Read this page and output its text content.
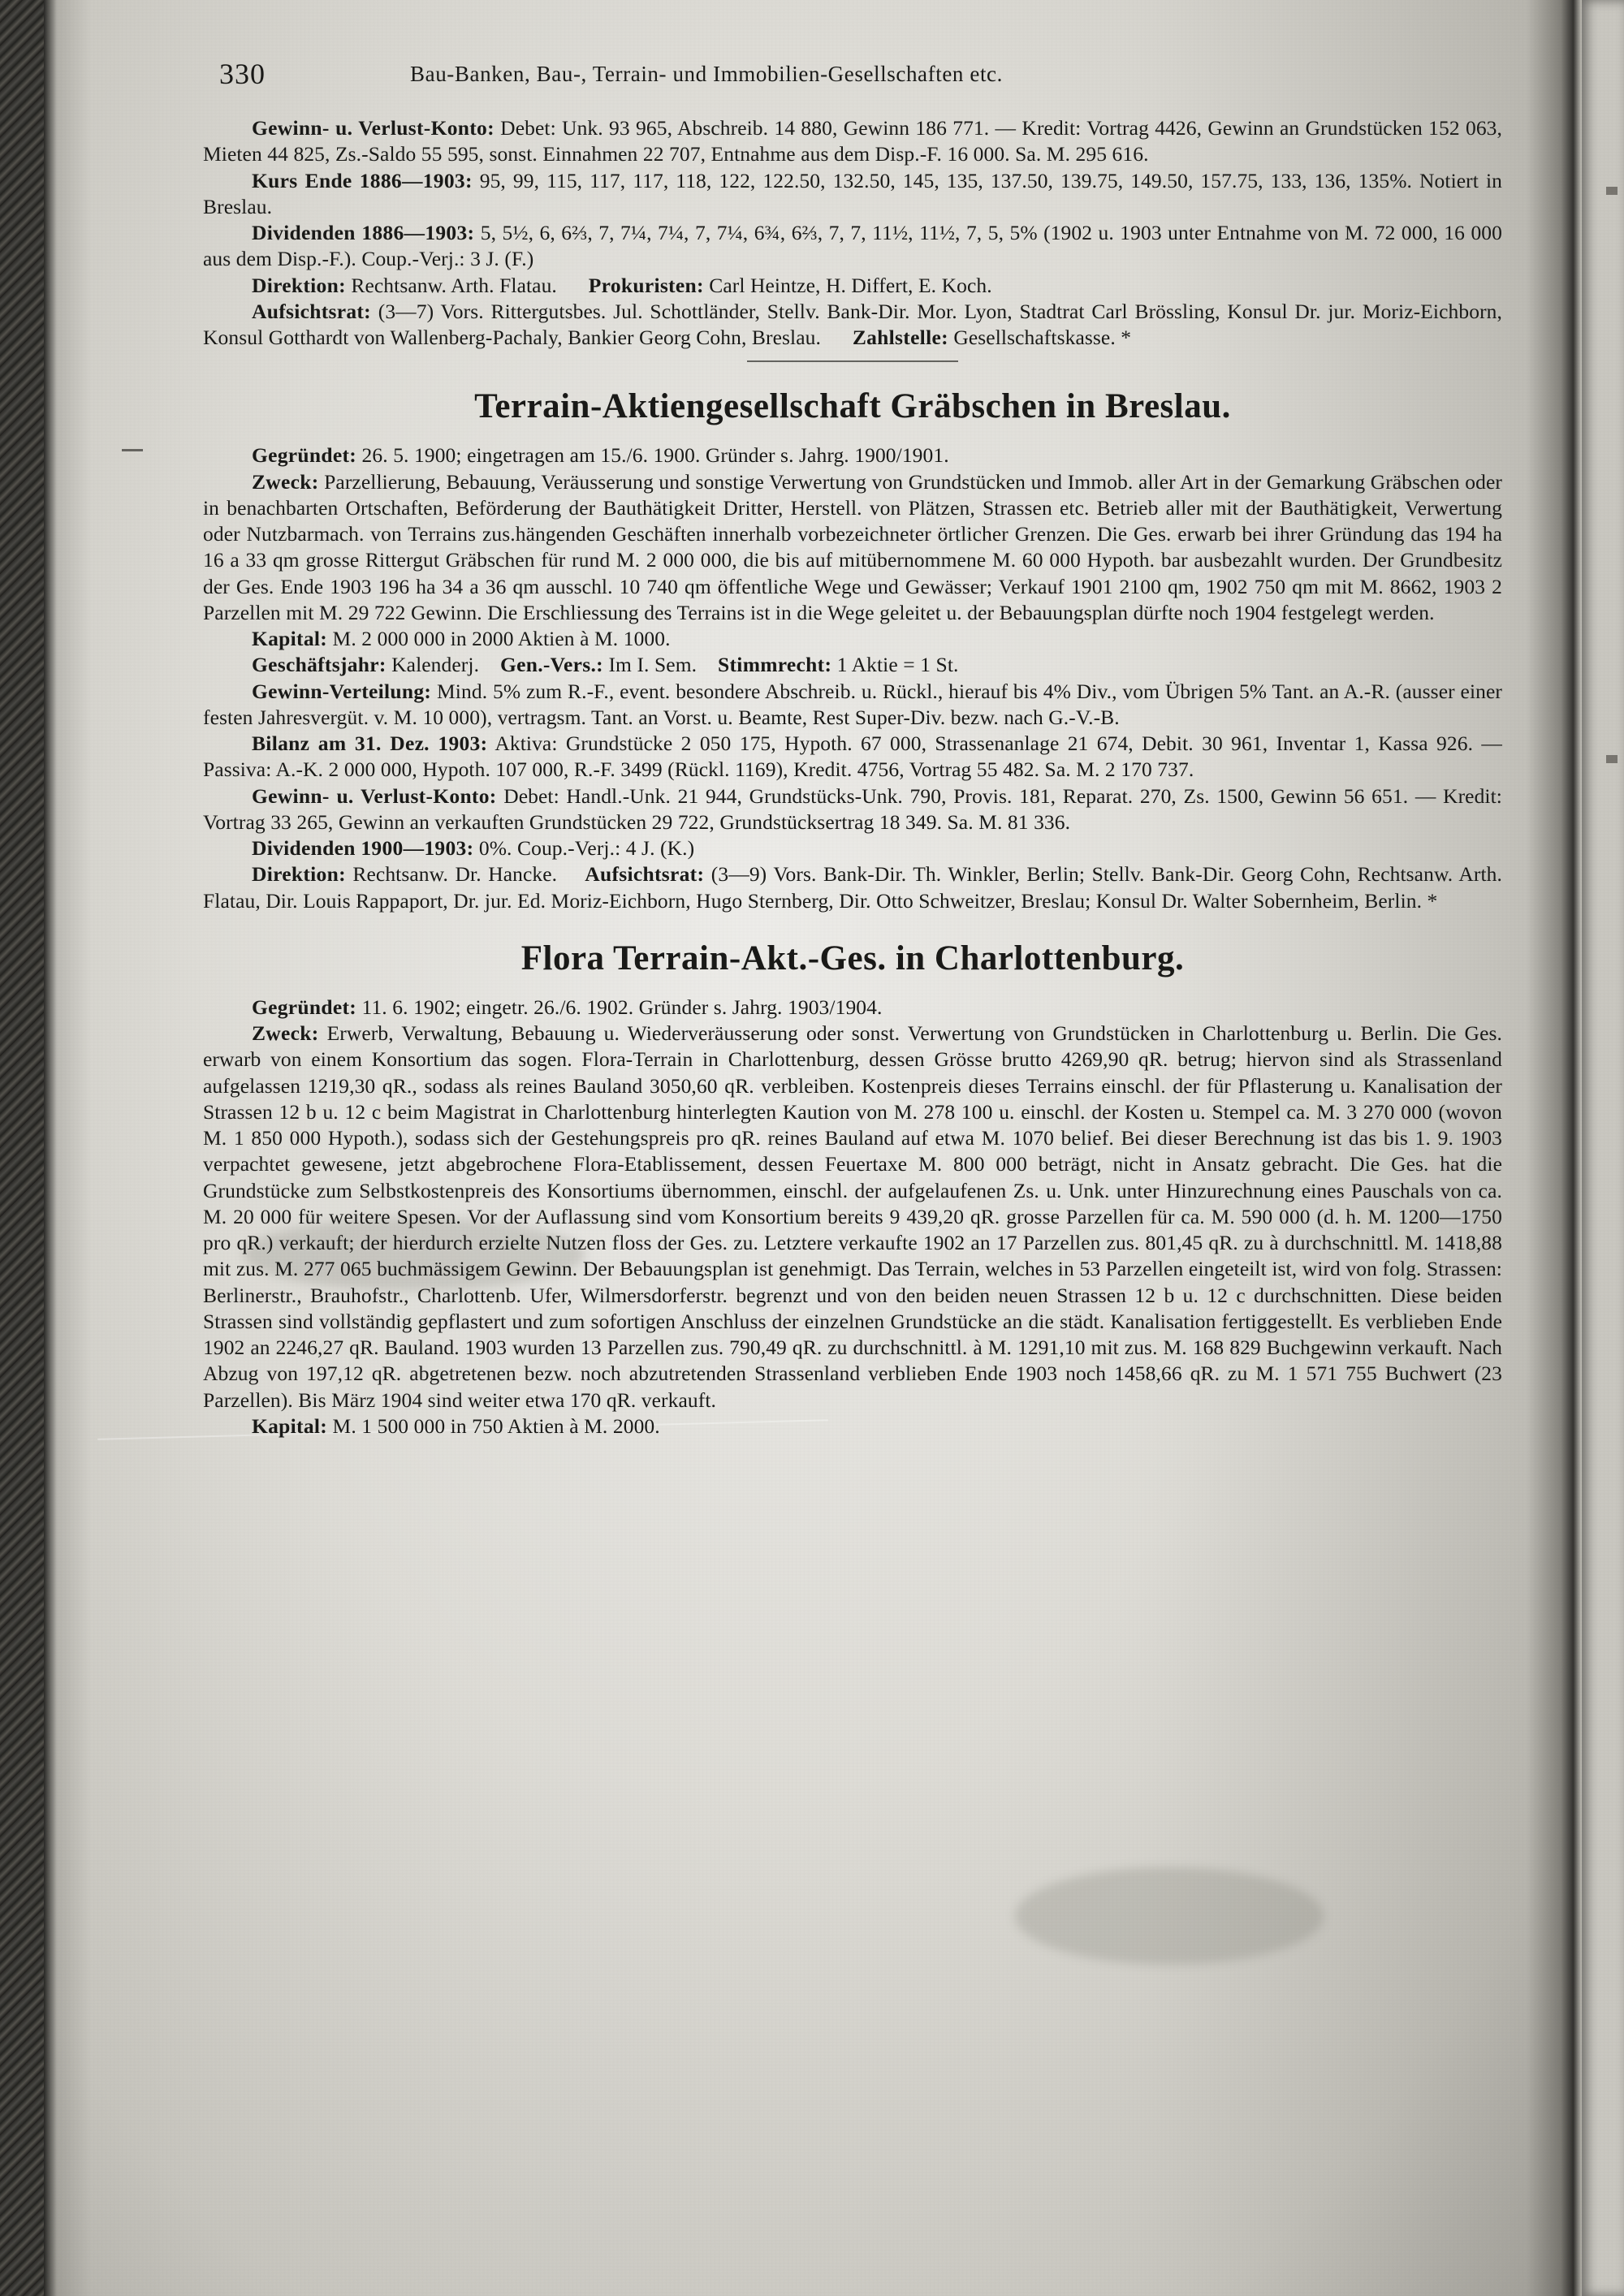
330	Bau-Banken, Bau-, Terrain- und Immobilien-Gesellschaften etc.

Gewinn- u. Verlust-Konto: Debet: Unk. 93 965, Abschreib. 14 880, Gewinn 186 771. — Kredit: Vortrag 4426, Gewinn an Grundstücken 152 063, Mieten 44 825, Zs.-Saldo 55 595, sonst. Einnahmen 22 707, Entnahme aus dem Disp.-F. 16 000. Sa. M. 295 616.

Kurs Ende 1886—1903: 95, 99, 115, 117, 117, 118, 122, 122.50, 132.50, 145, 135, 137.50, 139.75, 149.50, 157.75, 133, 136, 135%. Notiert in Breslau.

Dividenden 1886—1903: 5, 5½, 6, 6⅔, 7, 7¼, 7¼, 7, 7¼, 6¾, 6⅔, 7, 7, 11½, 11½, 7, 5, 5% (1902 u. 1903 unter Entnahme von M. 72 000, 16 000 aus dem Disp.-F.). Coup.-Verj.: 3 J. (F.)

Direktion: Rechtsanw. Arth. Flatau. Prokuristen: Carl Heintze, H. Differt, E. Koch.

Aufsichtsrat: (3—7) Vors. Rittergutsbes. Jul. Schottländer, Stellv. Bank-Dir. Mor. Lyon, Stadtrat Carl Brössling, Konsul Dr. jur. Moriz-Eichborn, Konsul Gotthardt von Wallenberg-Pachaly, Bankier Georg Cohn, Breslau. Zahlstelle: Gesellschaftskasse. *

Terrain-Aktiengesellschaft Gräbschen in Breslau.

Gegründet: 26. 5. 1900; eingetragen am 15./6. 1900. Gründer s. Jahrg. 1900/1901.

Zweck: Parzellierung, Bebauung, Veräusserung und sonstige Verwertung von Grundstücken und Immob. aller Art in der Gemarkung Gräbschen oder in benachbarten Ortschaften, Beförderung der Bauthätigkeit Dritter, Herstell. von Plätzen, Strassen etc. Betrieb aller mit der Bauthätigkeit, Verwertung oder Nutzbarmach. von Terrains zus.hängenden Geschäften innerhalb vorbezeichneter örtlicher Grenzen. Die Ges. erwarb bei ihrer Gründung das 194 ha 16 a 33 qm grosse Rittergut Gräbschen für rund M. 2 000 000, die bis auf mitübernommene M. 60 000 Hypoth. bar ausbezahlt wurden. Der Grundbesitz der Ges. Ende 1903 196 ha 34 a 36 qm ausschl. 10 740 qm öffentliche Wege und Gewässer; Verkauf 1901 2100 qm, 1902 750 qm mit M. 8662, 1903 2 Parzellen mit M. 29 722 Gewinn. Die Erschliessung des Terrains ist in die Wege geleitet u. der Bebauungsplan dürfte noch 1904 festgelegt werden.

Kapital: M. 2 000 000 in 2000 Aktien à M. 1000.

Geschäftsjahr: Kalenderj. Gen.-Vers.: Im I. Sem. Stimmrecht: 1 Aktie = 1 St.

Gewinn-Verteilung: Mind. 5% zum R.-F., event. besondere Abschreib. u. Rückl., hierauf bis 4% Div., vom Übrigen 5% Tant. an A.-R. (ausser einer festen Jahresvergüt. v. M. 10 000), vertragsm. Tant. an Vorst. u. Beamte, Rest Super-Div. bezw. nach G.-V.-B.

Bilanz am 31. Dez. 1903: Aktiva: Grundstücke 2 050 175, Hypoth. 67 000, Strassenanlage 21 674, Debit. 30 961, Inventar 1, Kassa 926. — Passiva: A.-K. 2 000 000, Hypoth. 107 000, R.-F. 3499 (Rückl. 1169), Kredit. 4756, Vortrag 55 482. Sa. M. 2 170 737.

Gewinn- u. Verlust-Konto: Debet: Handl.-Unk. 21 944, Grundstücks-Unk. 790, Provis. 181, Reparat. 270, Zs. 1500, Gewinn 56 651. — Kredit: Vortrag 33 265, Gewinn an verkauften Grundstücken 29 722, Grundstücksertrag 18 349. Sa. M. 81 336.

Dividenden 1900—1903: 0%. Coup.-Verj.: 4 J. (K.)

Direktion: Rechtsanw. Dr. Hancke. Aufsichtsrat: (3—9) Vors. Bank-Dir. Th. Winkler, Berlin; Stellv. Bank-Dir. Georg Cohn, Rechtsanw. Arth. Flatau, Dir. Louis Rappaport, Dr. jur. Ed. Moriz-Eichborn, Hugo Sternberg, Dir. Otto Schweitzer, Breslau; Konsul Dr. Walter Sobernheim, Berlin. *

Flora Terrain-Akt.-Ges. in Charlottenburg.

Gegründet: 11. 6. 1902; eingetr. 26./6. 1902. Gründer s. Jahrg. 1903/1904.

Zweck: Erwerb, Verwaltung, Bebauung u. Wiederveräusserung oder sonst. Verwertung von Grundstücken in Charlottenburg u. Berlin. Die Ges. erwarb von einem Konsortium das sogen. Flora-Terrain in Charlottenburg, dessen Grösse brutto 4269,90 qR. betrug; hiervon sind als Strassenland aufgelassen 1219,30 qR., sodass als reines Bauland 3050,60 qR. verbleiben. Kostenpreis dieses Terrains einschl. der für Pflasterung u. Kanalisation der Strassen 12 b u. 12 c beim Magistrat in Charlottenburg hinterlegten Kaution von M. 278 100 u. einschl. der Kosten u. Stempel ca. M. 3 270 000 (wovon M. 1 850 000 Hypoth.), sodass sich der Gestehungspreis pro qR. reines Bauland auf etwa M. 1070 belief. Bei dieser Berechnung ist das bis 1. 9. 1903 verpachtet gewesene, jetzt abgebrochene Flora-Etablissement, dessen Feuertaxe M. 800 000 beträgt, nicht in Ansatz gebracht. Die Ges. hat die Grundstücke zum Selbstkostenpreis des Konsortiums übernommen, einschl. der aufgelaufenen Zs. u. Unk. unter Hinzurechnung eines Pauschals von ca. M. 20 000 für weitere Spesen. Vor der Auflassung sind vom Konsortium bereits 9 439,20 qR. grosse Parzellen für ca. M. 590 000 (d. h. M. 1200—1750 pro qR.) verkauft; der hierdurch erzielte Nutzen floss der Ges. zu. Letztere verkaufte 1902 an 17 Parzellen zus. 801,45 qR. zu à durchschnittl. M. 1418,88 mit zus. M. 277 065 buchmässigem Gewinn. Der Bebauungsplan ist genehmigt. Das Terrain, welches in 53 Parzellen eingeteilt ist, wird von folg. Strassen: Berlinerstr., Brauhofstr., Charlottenb. Ufer, Wilmersdorferstr. begrenzt und von den beiden neuen Strassen 12 b u. 12 c durchschnitten. Diese beiden Strassen sind vollständig gepflastert und zum sofortigen Anschluss der einzelnen Grundstücke an die städt. Kanalisation fertiggestellt. Es verblieben Ende 1902 an 2246,27 qR. Bauland. 1903 wurden 13 Parzellen zus. 790,49 qR. zu durchschnittl. à M. 1291,10 mit zus. M. 168 829 Buchgewinn verkauft. Nach Abzug von 197,12 qR. abgetretenen bezw. noch abzutretenden Strassenland verblieben Ende 1903 noch 1458,66 qR. zu M. 1 571 755 Buchwert (23 Parzellen). Bis März 1904 sind weiter etwa 170 qR. verkauft.

Kapital: M. 1 500 000 in 750 Aktien à M. 2000.
